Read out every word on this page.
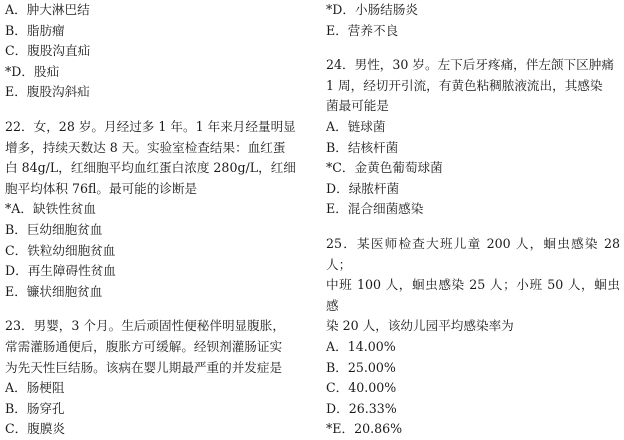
A．肿大淋巴结

B．脂肪瘤

C．腹股沟直疝

*D．股疝

E．腹股沟斜疝

22．女，28 岁。月经过多 1 年。1 年来月经量明显

增多，持续天数达 8 天。实验室检查结果：血红蛋

白 84g/L，红细胞平均血红蛋白浓度 280g/L，红细

胞平均体积 76fl。最可能的诊断是

*A．缺铁性贫血

B．巨幼细胞贫血

C．铁粒幼细胞贫血

D．再生障碍性贫血

E．镰状细胞贫血

23．男婴，3 个月。生后顽固性便秘伴明显腹胀，

常需灌肠通便后，腹胀方可缓解。经钡剂灌肠证实

为先天性巨结肠。该病在婴儿期最严重的并发症是

A．肠梗阻

B．肠穿孔

C．腹膜炎

*D．小肠结肠炎

E．营养不良

24．男性，30 岁。左下后牙疼痛，伴左颌下区肿痛

1 周，经切开引流，有黄色粘稠脓液流出，其感染

菌最可能是

A．链球菌

B．结核杆菌

*C．金黄色葡萄球菌

D．绿脓杆菌

E．混合细菌感染

25．某医师检查大班儿童 200 人，蛔虫感染 28 人；

中班 100 人，蛔虫感染 25 人；小班 50 人，蛔虫感

染 20 人，该幼儿园平均感染率为

A．14.00%

B．25.00%

C．40.00%

D．26.33%

*E．20.86%
